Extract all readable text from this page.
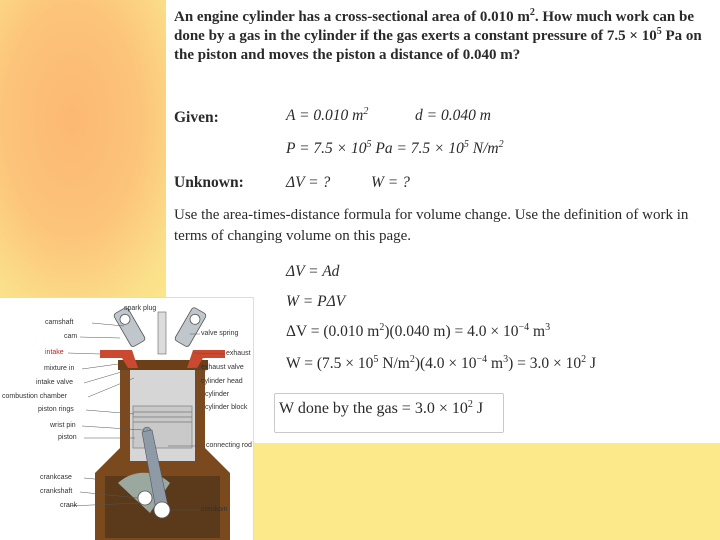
An engine cylinder has a cross-sectional area of 0.010 $m^2$. How much work can be done by a gas in the cylinder if the gas exerts a constant pressure of $7.5 \times 10^5$ Pa on the piston and moves the piston a distance of 0.040 m?
Given:	A = 0.010 $m^2$	d = 0.040 m
$P = 7.5 \times 10^5$ $Pa = 7.5 \times 10^5$ $N/m^2$
Unknown:	ΔV = ?	W = ?
Use the area-times-distance formula for volume change. Use the definition of work in terms of changing volume on this page.
ΔV = Ad
W = PΔV
ΔV = (0.010 $m^2)(0.040$ $m) = 4.0 \times 10^{-4}$ $m^3$
$W = (7.5 \times 10^5$ $N/m^2)(4.0 \times 10^{-4}$ $m^3) = 3.0 \times 10^2$ J
W done by the gas = $3.0 \times 10^2$ J
spark plug
camshaft
cam
intake
mixture in
intake valve
combustion chamber
piston rings
wrist pin
piston
valve spring
exhaust
exhaust valve
cylinder head
cylinder
cylinder block
connecting rod
crankcase
crankshaft
crank
crankpin
